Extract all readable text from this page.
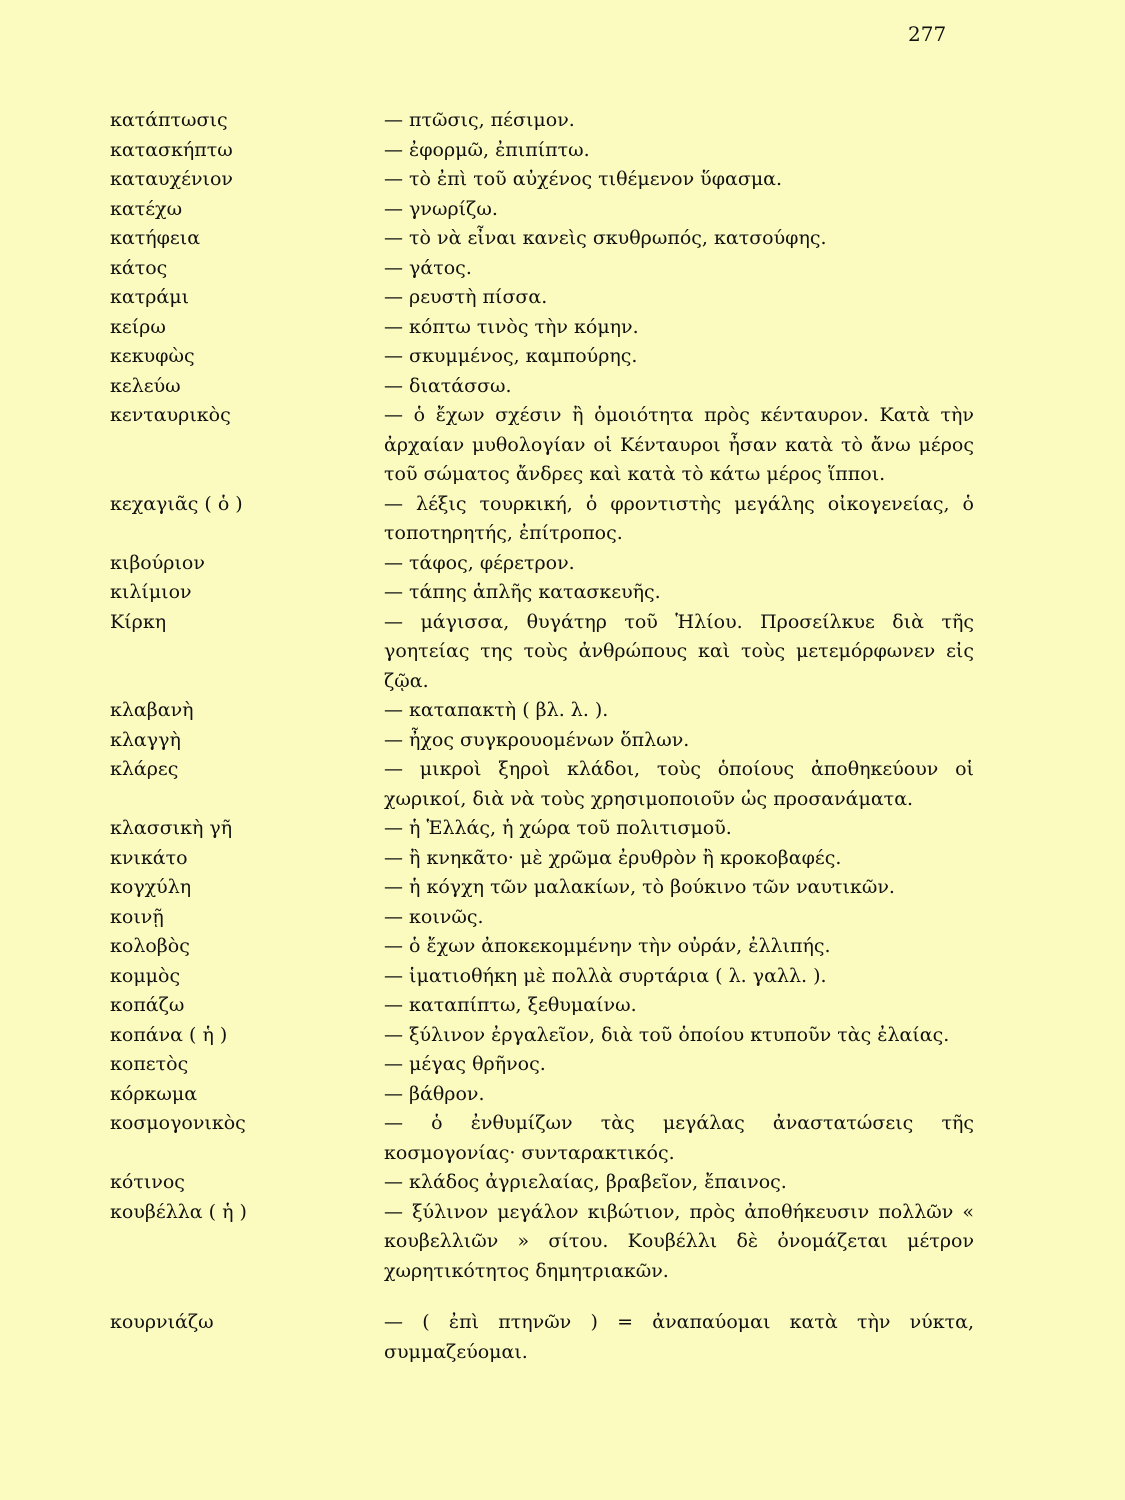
277
κατάπτωσις	— πτῶσις, πέσιμον.
κατασκήπτω	— ἐφορμῶ, ἐπιπίπτω.
καταυχένιον	— τὸ ἐπὶ τοῦ αὐχένος τιθέμενον ὕφασμα.
κατέχω	— γνωρίζω.
κατήφεια	— τὸ νὰ εἶναι κανεὶς σκυθρωπός, κατσούφης.
κάτος	— γάτος.
κατράμι	— ρευστὴ πίσσα.
κείρω	— κόπτω τινὸς τὴν κόμην.
κεκυφὼς	— σκυμμένος, καμπούρης.
κελεύω	— διατάσσω.
κενταυρικὸς	— ὁ ἔχων σχέσιν ἢ ὁμοιότητα πρὸς κένταυρον. Κατὰ τὴν ἀρχαίαν μυθολογίαν οἱ Κένταυροι ἦσαν κατὰ τὸ ἄνω μέρος τοῦ σώματος ἄνδρες καὶ κατὰ τὸ κάτω μέρος ἵπποι.
κεχαγιᾶς ( ὁ )	— λέξις τουρκική, ὁ φροντιστὴς μεγάλης οἰκογενείας, ὁ τοποτηρητής, ἐπίτροπος.
κιβούριον	— τάφος, φέρετρον.
κιλίμιον	— τάπης ἁπλῆς κατασκευῆς.
Κίρκη	— μάγισσα, θυγάτηρ τοῦ Ἡλίου. Προσείλκυε διὰ τῆς γοητείας της τοὺς ἀνθρώπους καὶ τοὺς μετεμόρφωνεν εἰς ζῷα.
κλαβανὴ	— καταπακτὴ ( βλ. λ. ).
κλαγγὴ	— ἦχος συγκρουομένων ὅπλων.
κλάρες	— μικροὶ ξηροὶ κλάδοι, τοὺς ὁποίους ἀποθηκεύουν οἱ χωρικοί, διὰ νὰ τοὺς χρησιμοποιοῦν ὡς προσανάματα.
κλασσικὴ γῆ	— ἡ Ἑλλάς, ἡ χώρα τοῦ πολιτισμοῦ.
κνικάτο	— ἢ κνηκᾶτο· μὲ χρῶμα ἐρυθρὸν ἢ κροκοβαφές.
κογχύλη	— ἡ κόγχη τῶν μαλακίων, τὸ βούκινο τῶν ναυτικῶν.
κοινῇ	— κοινῶς.
κολοβὸς	— ὁ ἔχων ἀποκεκομμένην τὴν οὐράν, ἐλλιπής.
κομμὸς	— ἱματιοθήκη μὲ πολλὰ συρτάρια ( λ. γαλλ. ).
κοπάζω	— καταπίπτω, ξεθυμαίνω.
κοπάνα ( ἡ )	— ξύλινον ἐργαλεῖον, διὰ τοῦ ὁποίου κτυποῦν τὰς ἐλαίας.
κοπετὸς	— μέγας θρῆνος.
κόρκωμα	— βάθρον.
κοσμογονικὸς	— ὁ ἐνθυμίζων τὰς μεγάλας ἀναστατώσεις τῆς κοσμογονίας· συνταρακτικός.
κότινος	— κλάδος ἀγριελαίας, βραβεῖον, ἔπαινος.
κουβέλλα ( ἡ )	— ξύλινον μεγάλον κιβώτιον, πρὸς ἀποθήκευσιν πολλῶν « κουβελλιῶν » σίτου. Κουβέλλι δὲ ὀνομάζεται μέτρον χωρητικότητος δημητριακῶν.
κουρνιάζω	— ( ἐπὶ πτηνῶν ) = ἀναπαύομαι κατὰ τὴν νύκτα, συμμαζεύομαι.
